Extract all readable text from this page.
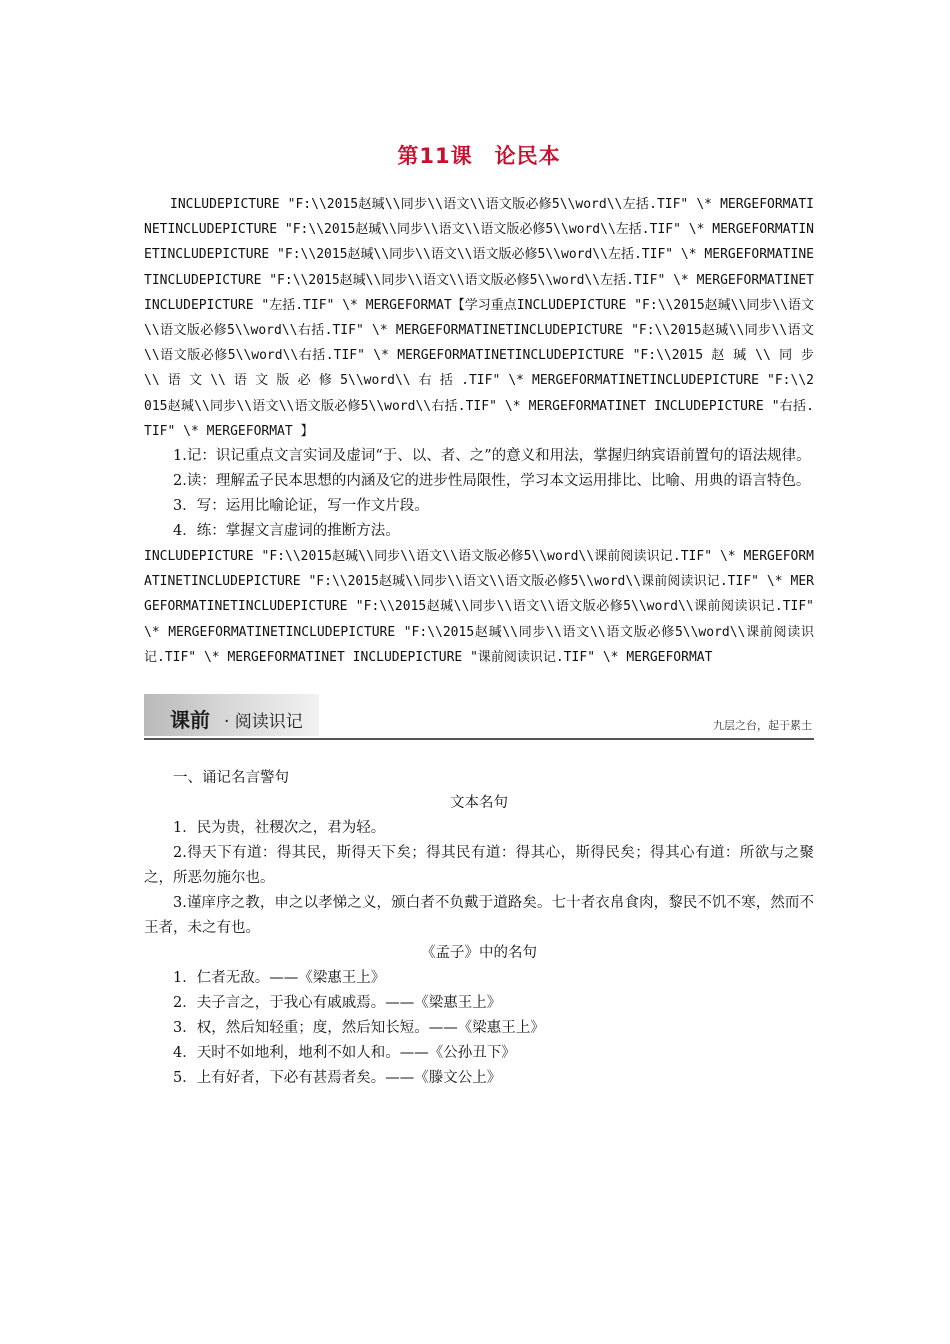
第11课 论民本

INCLUDEPICTURE "F:\\2015赵瑊\\同步\\语文\\语文版必修5\\word\\左括.TIF" \* MERGEFORMATINETINCLUDEPICTURE "F:\\2015赵瑊\\同步\\语文\\语文版必修5\\word\\左括.TIF" \* MERGEFORMATINETINCLUDEPICTURE "F:\\2015赵瑊\\同步\\语文\\语文版必修5\\word\\左括.TIF" \* MERGEFORMATINETINCLUDEPICTURE "F:\\2015赵瑊\\同步\\语文\\语文版必修5\\word\\左括.TIF" \* MERGEFORMATINET INCLUDEPICTURE "左括.TIF" \* MERGEFORMAT【学习重点INCLUDEPICTURE "F:\\2015赵瑊\\同步\\语文\\语文版必修5\\word\\右括.TIF" \* MERGEFORMATINETINCLUDEPICTURE "F:\\2015赵瑊\\同步\\语文\\语文版必修5\\word\\右括.TIF" \* MERGEFORMATINETINCLUDEPICTURE "F:\\2015 赵 瑊 \\ 同 步 \\ 语 文 \\ 语 文 版 必 修 5\\word\\ 右 括 .TIF" \* MERGEFORMATINETINCLUDEPICTURE "F:\\2015赵瑊\\同步\\语文\\语文版必修5\\word\\右括.TIF" \* MERGEFORMATINET INCLUDEPICTURE "右括.TIF" \* MERGEFORMAT 】

1.记：识记重点文言实词及虚词“于、以、者、之”的意义和用法，掌握归纳宾语前置句的语法规律。

2.读：理解孟子民本思想的内涵及它的进步性局限性，学习本文运用排比、比喻、用典的语言特色。

3．写：运用比喻论证，写一作文片段。

4．练：掌握文言虚词的推断方法。

INCLUDEPICTURE "F:\\2015赵瑊\\同步\\语文\\语文版必修5\\word\\课前阅读识记.TIF" \* MERGEFORMATINETINCLUDEPICTURE "F:\\2015赵瑊\\同步\\语文\\语文版必修5\\word\\课前阅读识记.TIF" \* MERGEFORMATINETINCLUDEPICTURE "F:\\2015赵瑊\\同步\\语文\\语文版必修5\\word\\课前阅读识记.TIF" \* MERGEFORMATINETINCLUDEPICTURE "F:\\2015赵瑊\\同步\\语文\\语文版必修5\\word\\课前阅读识记.TIF" \* MERGEFORMATINET INCLUDEPICTURE "课前阅读识记.TIF" \* MERGEFORMAT

课前 · 阅读识记	九层之台，起于累土

一、诵记名言警句

文本名句

1．民为贵，社稷次之，君为轻。

2.得天下有道：得其民，斯得天下矣；得其民有道：得其心，斯得民矣；得其心有道：所欲与之聚之，所恶勿施尔也。

3.谨庠序之教，申之以孝悌之义，颁白者不负戴于道路矣。七十者衣帛食肉，黎民不饥不寒，然而不王者，未之有也。

《孟子》中的名句

1．仁者无敌。——《梁惠王上》

2．夫子言之，于我心有戚戚焉。——《梁惠王上》

3．权，然后知轻重；度，然后知长短。——《梁惠王上》

4．天时不如地利，地利不如人和。——《公孙丑下》

5．上有好者，下必有甚焉者矣。——《滕文公上》
